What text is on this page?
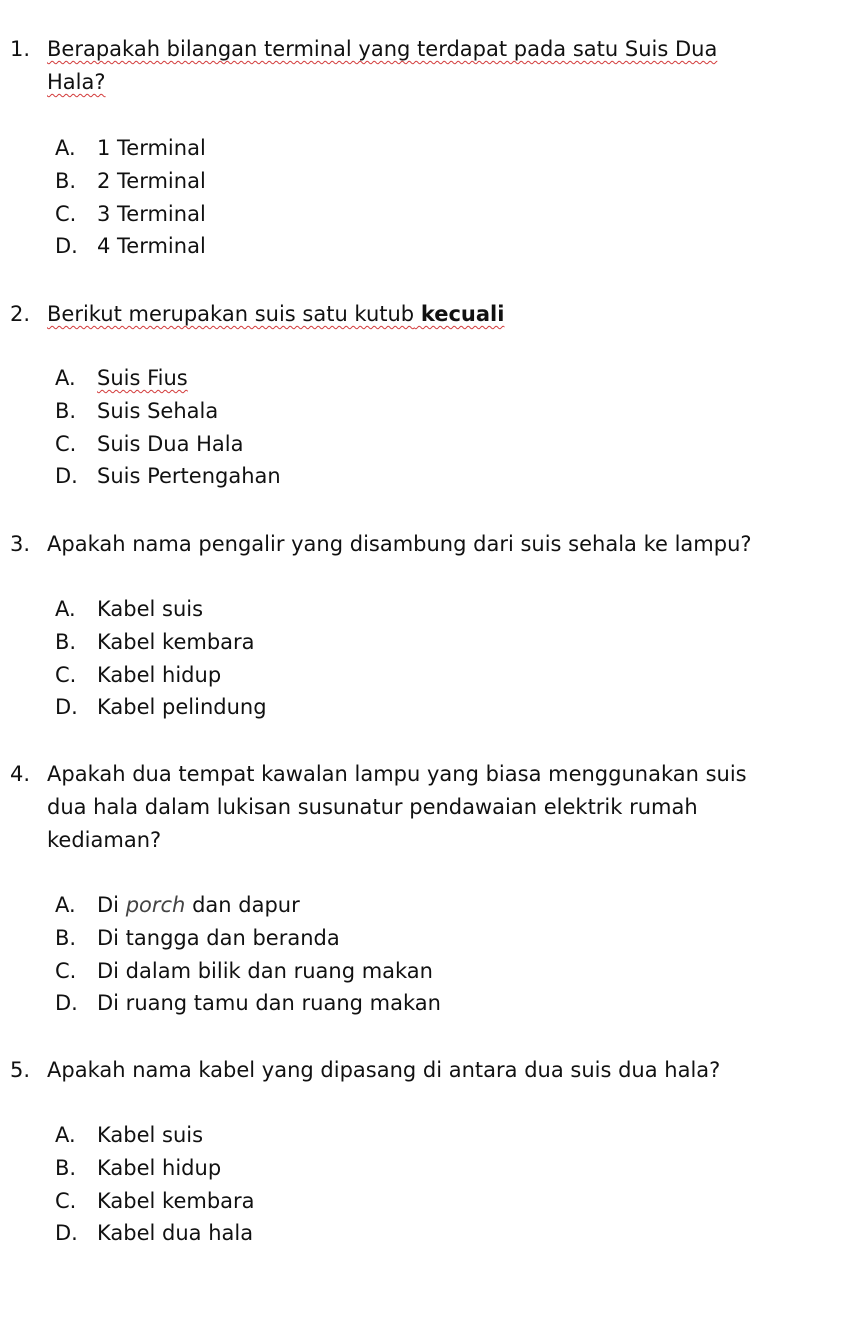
1. Berapakah bilangan terminal yang terdapat pada satu Suis Dua
Hala?
A. 1 Terminal
B. 2 Terminal
C. 3 Terminal
D. 4 Terminal
2. Berikut merupakan suis satu kutub kecuali
A. Suis Fius
B. Suis Sehala
C. Suis Dua Hala
D. Suis Pertengahan
3. Apakah nama pengalir yang disambung dari suis sehala ke lampu?
A. Kabel suis
B. Kabel kembara
C. Kabel hidup
D. Kabel pelindung
4. Apakah dua tempat kawalan lampu yang biasa menggunakan suis
dua hala dalam lukisan susunatur pendawaian elektrik rumah
kediaman?
A. Di porch dan dapur
B. Di tangga dan beranda
C. Di dalam bilik dan ruang makan
D. Di ruang tamu dan ruang makan
5. Apakah nama kabel yang dipasang di antara dua suis dua hala?
A. Kabel suis
B. Kabel hidup
C. Kabel kembara
D. Kabel dua hala
